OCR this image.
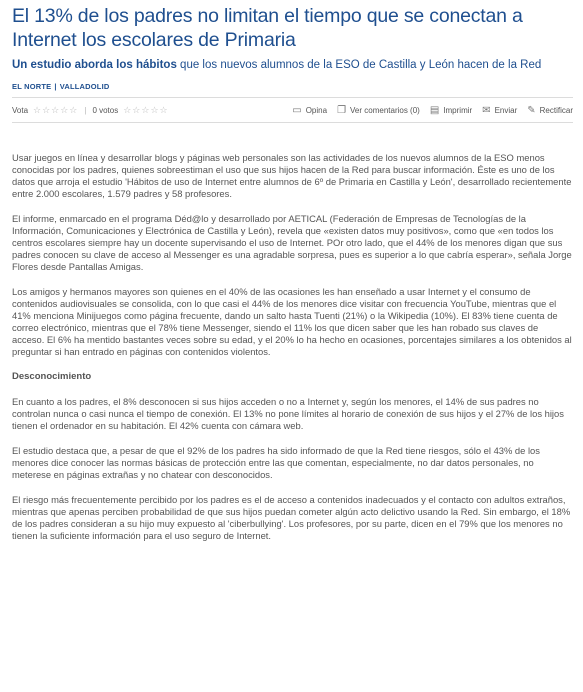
El 13% de los padres no limitan el tiempo que se conectan a Internet los escolares de Primaria
Un estudio aborda los hábitos que los nuevos alumnos de la ESO de Castilla y León hacen de la Red
EL NORTE | VALLADOLID
Vota ☆☆☆☆☆ | 0 votos ☆☆☆☆☆	▭ Opina ❐ Ver comentarios (0) ▤ Imprimir ✉ Enviar ✎ Rectificar

Usar juegos en línea y desarrollar blogs y páginas web personales son las actividades de los nuevos alumnos de la ESO menos conocidas por los padres, quienes sobreestiman el uso que sus hijos hacen de la Red para buscar información. Éste es uno de los datos que arroja el estudio 'Hábitos de uso de Internet entre alumnos de 6º de Primaria en Castilla y León', desarrollado recientemente entre 2.000 escolares, 1.579 padres y 58 profesores.

El informe, enmarcado en el programa Déd@lo y desarrollado por AETICAL (Federación de Empresas de Tecnologías de la Información, Comunicaciones y Electrónica de Castilla y León), revela que «existen datos muy positivos», como que «en todos los centros escolares siempre hay un docente supervisando el uso de Internet. POr otro lado, que el 44% de los menores digan que sus padres conocen su clave de acceso al Messenger es una agradable sorpresa, pues es superior a lo que cabría esperar», señala Jorge Flores desde Pantallas Amigas.

Los amigos y hermanos mayores son quienes en el 40% de las ocasiones les han enseñado a usar Internet y el consumo de contenidos audiovisuales se consolida, con lo que casi el 44% de los menores dice visitar con frecuencia YouTube, mientras que el 41% menciona Minijuegos como página frecuente, dando un salto hasta Tuenti (21%) o la Wikipedia (10%). El 83% tiene cuenta de correo electrónico, mientras que el 78% tiene Messenger, siendo el 11% los que dicen saber que les han robado sus claves de acceso. El 6% ha mentido bastantes veces sobre su edad, y el 20% lo ha hecho en ocasiones, porcentajes similares a los obtenidos al preguntar si han entrado en páginas con contenidos violentos.

Desconocimiento

En cuanto a los padres, el 8% desconocen si sus hijos acceden o no a Internet y, según los menores, el 14% de sus padres no controlan nunca o casi nunca el tiempo de conexión. El 13% no pone límites al horario de conexión de sus hijos y el 27% de los hijos tienen el ordenador en su habitación. El 42% cuenta con cámara web.

El estudio destaca que, a pesar de que el 92% de los padres ha sido informado de que la Red tiene riesgos, sólo el 43% de los menores dice conocer las normas básicas de protección entre las que comentan, especialmente, no dar datos personales, no meterese en páginas extrañas y no chatear con desconocidos.

El riesgo más frecuentemente percibido por los padres es el de acceso a contenidos inadecuados y el contacto con adultos extraños, mientras que apenas perciben probabilidad de que sus hijos puedan cometer algún acto delictivo usando la Red. Sin embargo, el 18% de los padres consideran a su hijo muy expuesto al 'ciberbullying'. Los profesores, por su parte, dicen en el 79% que los menores no tienen la suficiente información para el uso seguro de Internet.
